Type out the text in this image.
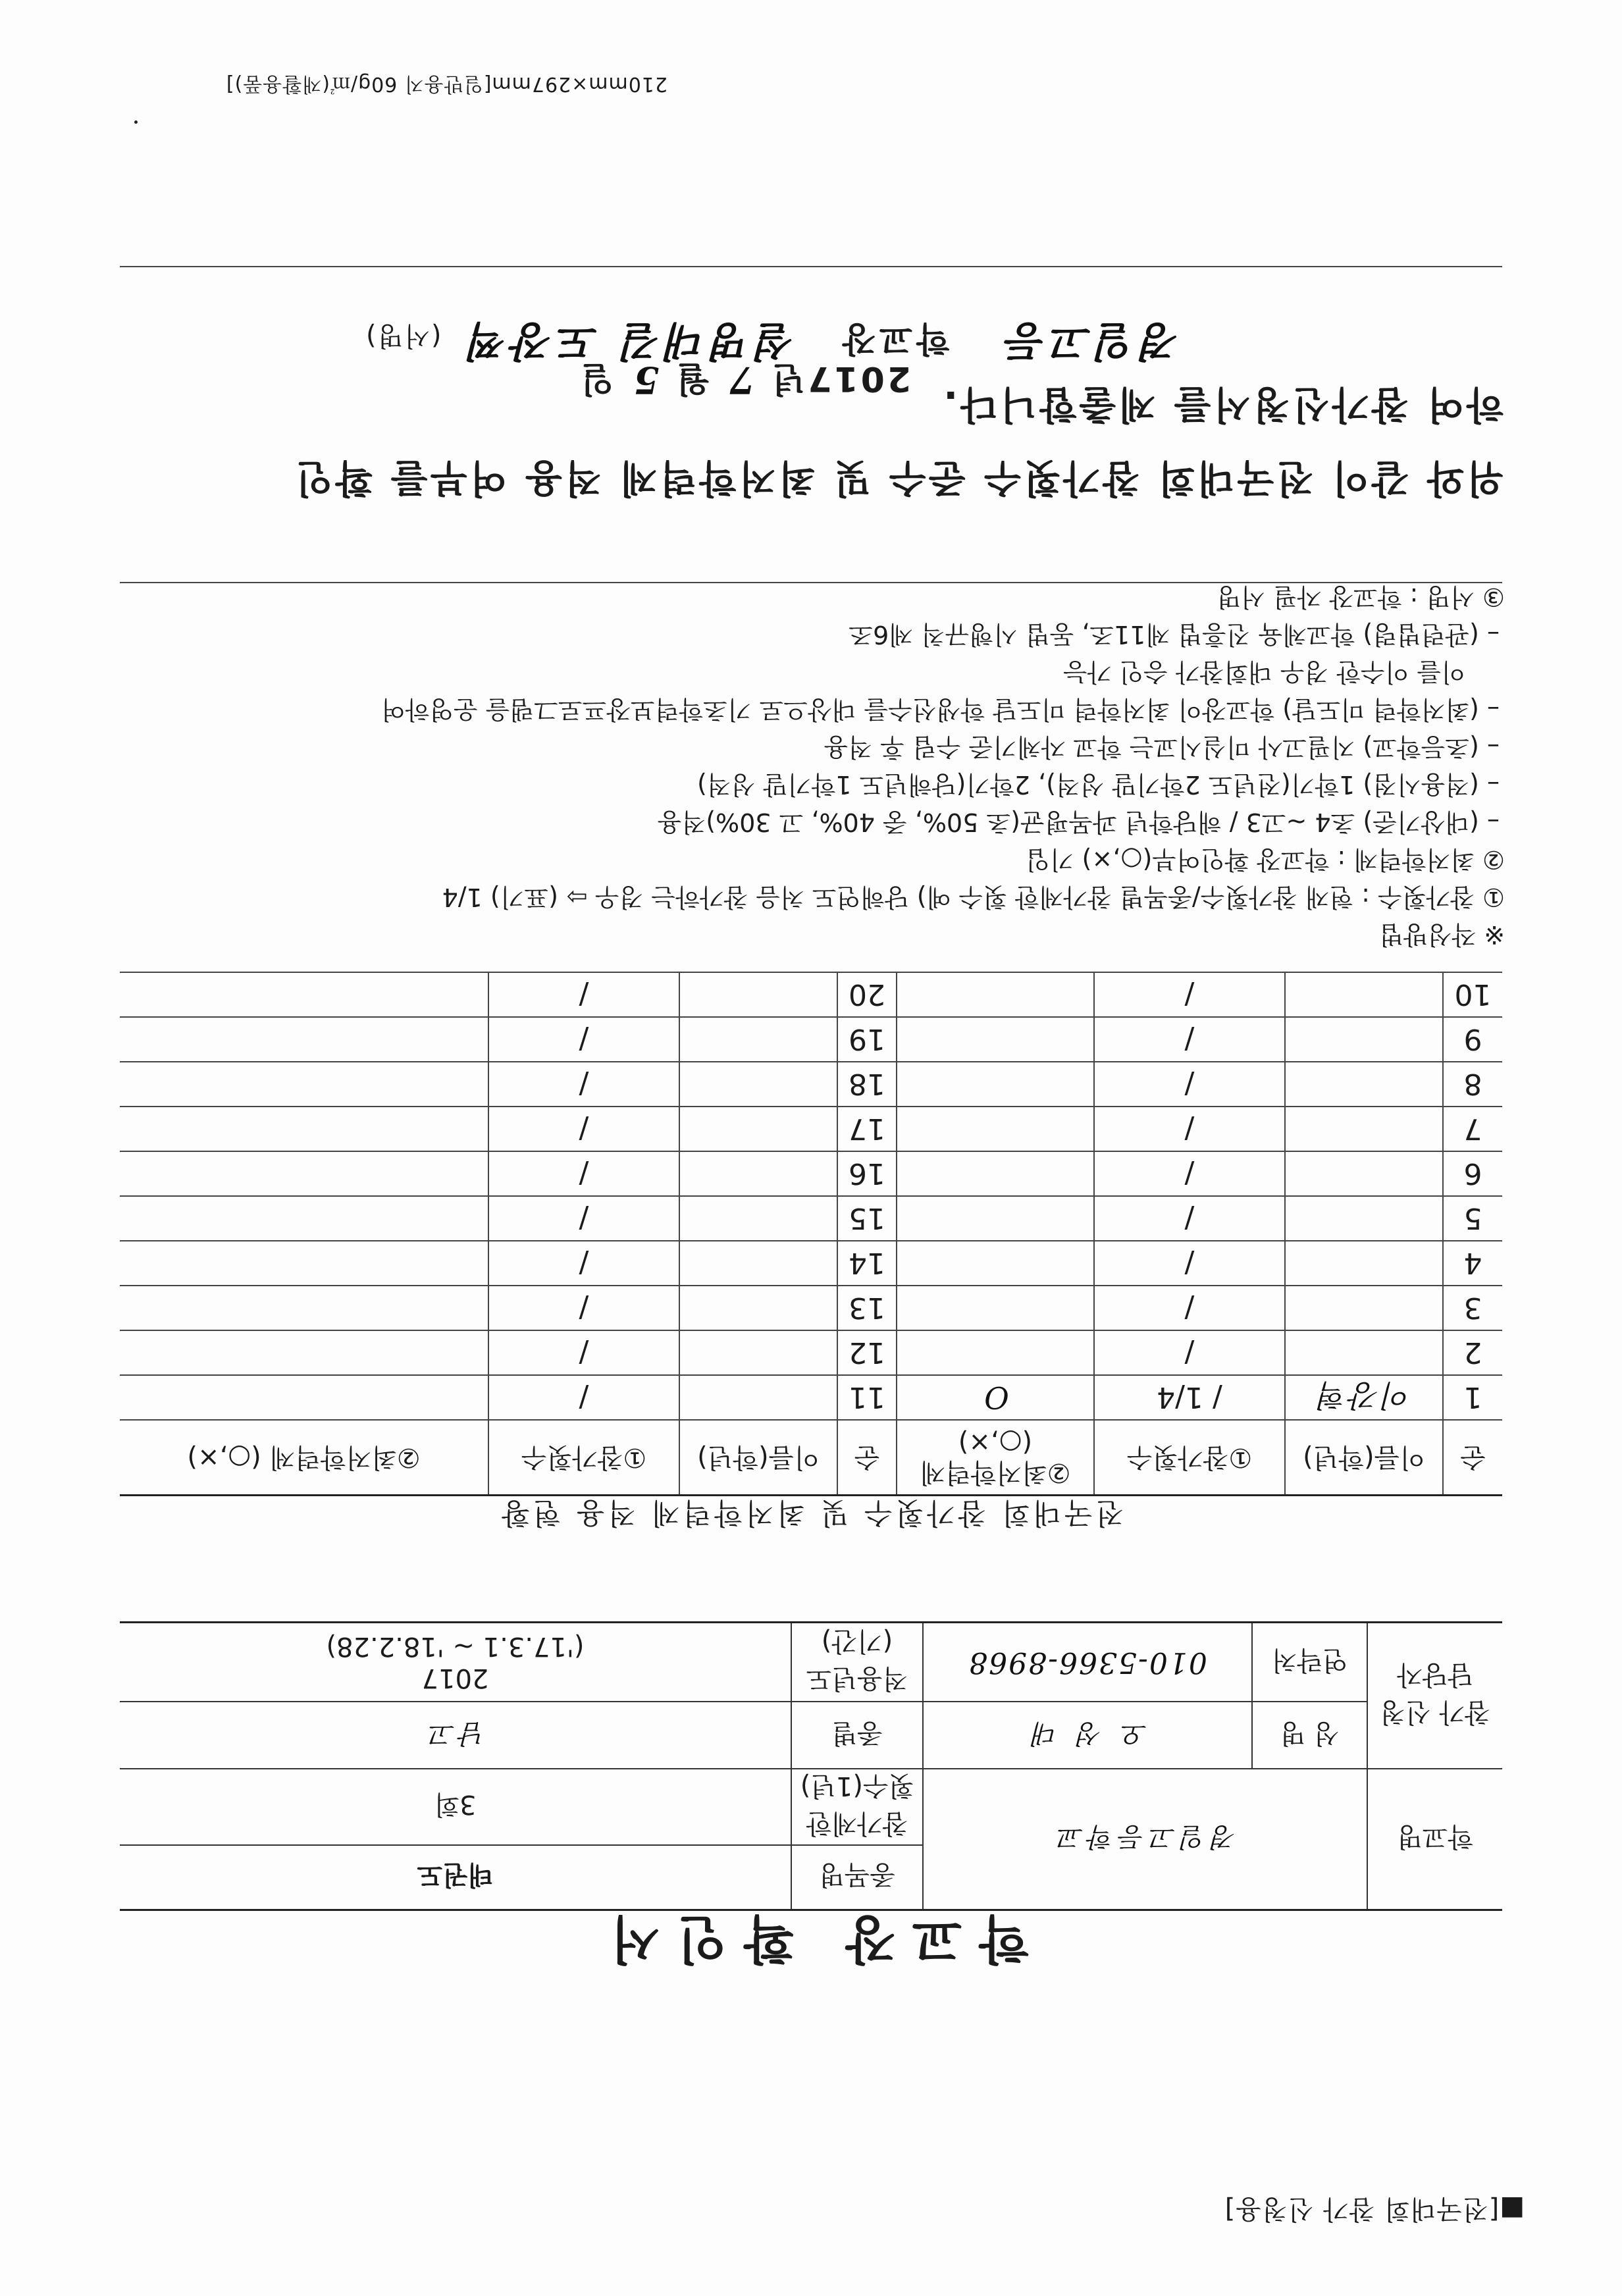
■[전국대회 참가 신청용]
학교장 확인서
학교명	경일고등학교		종목명	태권도
			참가제한 횟수(1년)	3회
참가 신청 담당자	성 명	오 성 대	종별	남고
	연락처	010-5366-8968	적용년도 (기간)	2017
('17.3.1 ~ '18.2.28)
전국대회 참가횟수 및 최저학력제 적용 현황
순	이름(학년)	①참가횟수	②최저학력제 (○,×)	순	이름(학년)	①참가횟수	②최저학력제 (○,×)
1	이강혁	/ 1/4	O	11		/	
2		/		12		/	
3		/		13		/	
4		/		14		/	
5		/		15		/	
6		/		16		/	
7		/		17		/	
8		/		18		/	
9		/		19		/	
10		/		20		/	
※ 작성방법
① 참가횟수 : 현재 참가횟수/종목별 참가제한 횟수 예) 당해연도 처음 참가하는 경우 ⇨ (표기) 1/4
② 최저학력제 : 학교장 확인여부(○,×) 기입
– (대상기준) 초4 ~고3 / 해당학년 과목평균(초 50%, 중 40%, 고 30%)적용
– (적용시점) 1학기(전년도 2학기말 성적), 2학기(당해년도 1학기말 성적)
– (초등학교) 지필고사 미실시교는 학교 자체기준 수립 후 적용
– (최저학력 미도달) 학교장이 최저학력 미도달 학생선수를 대상으로 기초학력보장프로그램을 운영하여
이를 이수한 경우 대회참가 승인 가능
– (관련법령) 학교체육 진흥법 제11조, 동법 시행규칙 제6조
③ 서명 : 학교장 자필 서명
위와 같이 전국대회 참가횟수 준수 및 최저학력제 적용 여부를 확인
하여 참가신청서를 제출합니다.
2017년 7 월 5 일
경일고등 학교장 설명대길 도장찍 (서명)
210mm×297mm[일반용지 60g/㎡(재활용품)]
